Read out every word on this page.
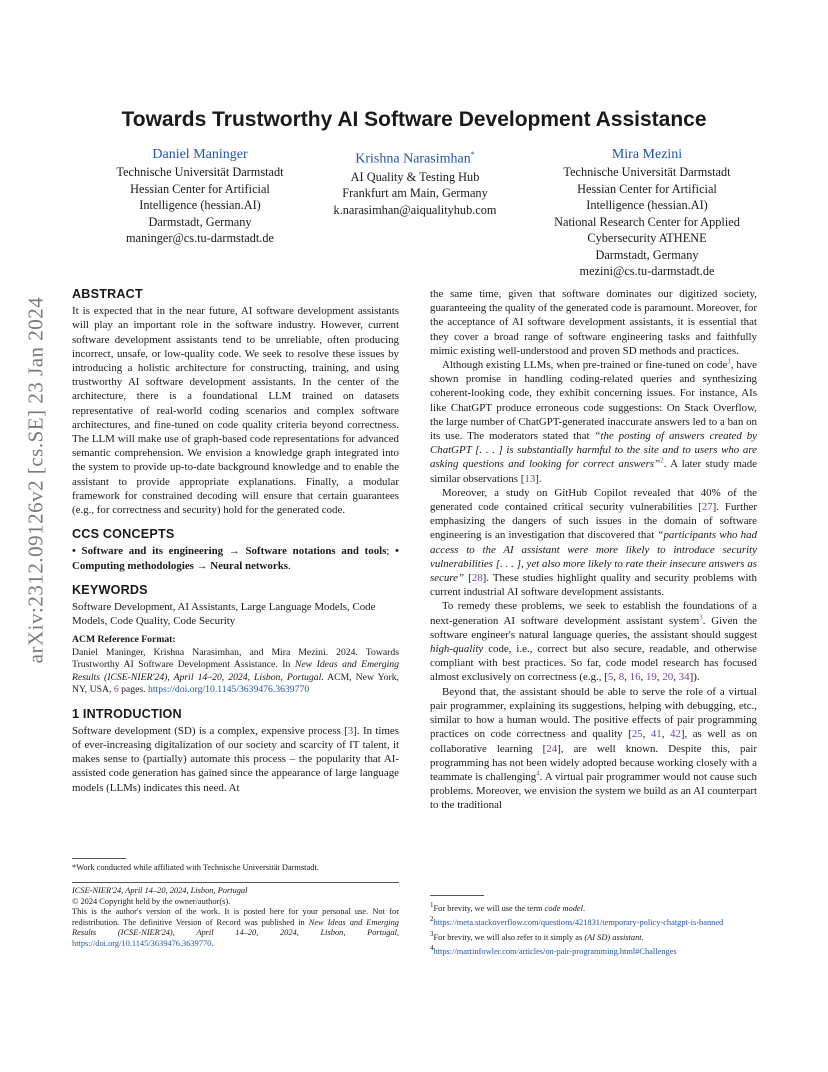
arXiv:2312.09126v2 [cs.SE] 23 Jan 2024
Towards Trustworthy AI Software Development Assistance
Daniel Maninger
Technische Universität Darmstadt
Hessian Center for Artificial
Intelligence (hessian.AI)
Darmstadt, Germany
maninger@cs.tu-darmstadt.de
Krishna Narasimhan*
AI Quality & Testing Hub
Frankfurt am Main, Germany
k.narasimhan@aiqualityhub.com
Mira Mezini
Technische Universität Darmstadt
Hessian Center for Artificial
Intelligence (hessian.AI)
National Research Center for Applied
Cybersecurity ATHENE
Darmstadt, Germany
mezini@cs.tu-darmstadt.de
ABSTRACT

It is expected that in the near future, AI software development assistants will play an important role in the software industry. However, current software development assistants tend to be unreliable, often producing incorrect, unsafe, or low-quality code. We seek to resolve these issues by introducing a holistic architecture for constructing, training, and using trustworthy AI software development assistants. In the center of the architecture, there is a foundational LLM trained on datasets representative of real-world coding scenarios and complex software architectures, and fine-tuned on code quality criteria beyond correctness. The LLM will make use of graph-based code representations for advanced semantic comprehension. We envision a knowledge graph integrated into the system to provide up-to-date background knowledge and to enable the assistant to provide appropriate explanations. Finally, a modular framework for constrained decoding will ensure that certain guarantees (e.g., for correctness and security) hold for the generated code.

CCS CONCEPTS

• Software and its engineering → Software notations and tools; • Computing methodologies → Neural networks.

KEYWORDS

Software Development, AI Assistants, Large Language Models, Code Models, Code Quality, Code Security

ACM Reference Format:

Daniel Maninger, Krishna Narasimhan, and Mira Mezini. 2024. Towards Trustworthy AI Software Development Assistance. In New Ideas and Emerging Results (ICSE-NIER'24), April 14–20, 2024, Lisbon, Portugal. ACM, New York, NY, USA, 6 pages. https://doi.org/10.1145/3639476.3639770

1 INTRODUCTION

Software development (SD) is a complex, expensive process [3]. In times of ever-increasing digitalization of our society and scarcity of IT talent, it makes sense to (partially) automate this process – the popularity that AI-assisted code generation has gained since the appearance of large language models (LLMs) indicates this need. At

*Work conducted while affiliated with Technische Universität Darmstadt.
ICSE-NIER'24, April 14–20, 2024, Lisbon, Portugal
© 2024 Copyright held by the owner/author(s).
This is the author's version of the work. It is posted here for your personal use. Not for redistribution. The definitive Version of Record was published in New Ideas and Emerging Results (ICSE-NIER'24), April 14–20, 2024, Lisbon, Portugal, https://doi.org/10.1145/3639476.3639770.

the same time, given that software dominates our digitized society, guaranteeing the quality of the generated code is paramount. Moreover, for the acceptance of AI software development assistants, it is essential that they cover a broad range of software engineering tasks and faithfully mimic existing well-understood and proven SD methods and practices.

Although existing LLMs, when pre-trained or fine-tuned on code$^1$, have shown promise in handling coding-related queries and synthesizing coherent-looking code, they exhibit concerning issues. For instance, AIs like ChatGPT produce erroneous code suggestions: On Stack Overflow, the large number of ChatGPT-generated inaccurate answers led to a ban on its use. The moderators stated that “the posting of answers created by ChatGPT [. . . ] is substantially harmful to the site and to users who are asking questions and looking for correct answers”$^2$. A later study made similar observations [13].

Moreover, a study on GitHub Copilot revealed that 40% of the generated code contained critical security vulnerabilities [27]. Further emphasizing the dangers of such issues in the domain of software engineering is an investigation that discovered that “participants who had access to the AI assistant were more likely to introduce security vulnerabilities [. . . ], yet also more likely to rate their insecure answers as secure” [28]. These studies highlight quality and security problems with current industrial AI software development assistants.

To remedy these problems, we seek to establish the foundations of a next-generation AI software development assistant system$^3$. Given the software engineer's natural language queries, the assistant should suggest high-quality code, i.e., correct but also secure, readable, and otherwise compliant with best practices. So far, code model research has focused almost exclusively on correctness (e.g., [5, 8, 16, 19, 20, 34]).

Beyond that, the assistant should be able to serve the role of a virtual pair programmer, explaining its suggestions, helping with debugging, etc., similar to how a human would. The positive effects of pair programming practices on code correctness and quality [25, 41, 42], as well as on collaborative learning [24], are well known. Despite this, pair programming has not been widely adopted because working closely with a teammate is challenging$^4$. A virtual pair programmer would not cause such problems. Moreover, we envision the system we build as an AI counterpart to the traditional

$^1$For brevity, we will use the term code model.
$^2$https://meta.stackoverflow.com/questions/421831/temporary-policy-chatgpt-is-banned
$^3$For brevity, we will also refer to it simply as (AI SD) assistant.
$^4$https://martinfowler.com/articles/on-pair-programming.html#Challenges
